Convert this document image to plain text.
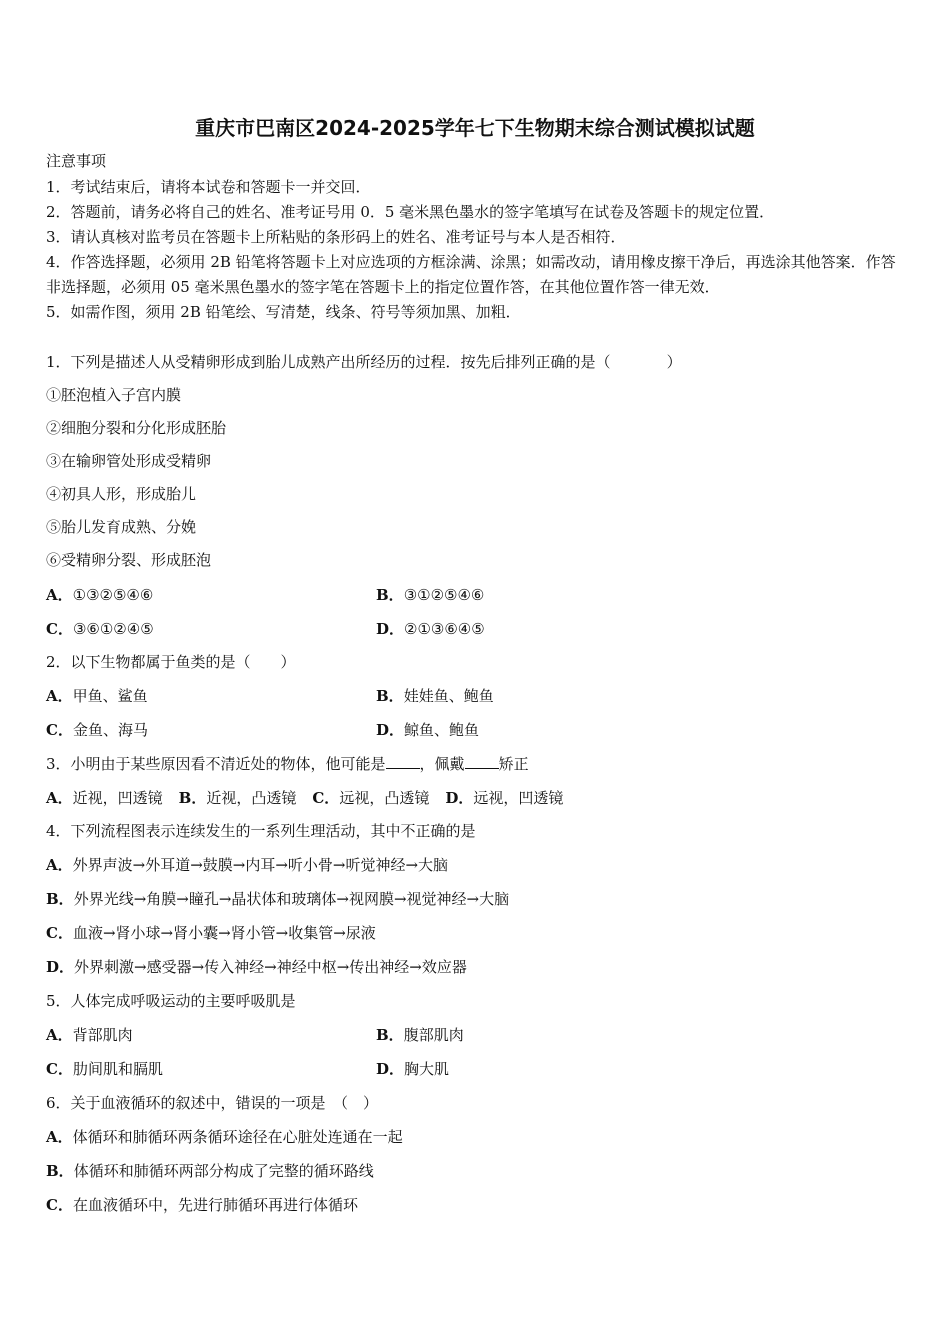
重庆市巴南区2024-2025学年七下生物期末综合测试模拟试题
注意事项

1．考试结束后，请将本试卷和答题卡一并交回．

2．答题前，请务必将自己的姓名、准考证号用 0．5 毫米黑色墨水的签字笔填写在试卷及答题卡的规定位置．

3．请认真核对监考员在答题卡上所粘贴的条形码上的姓名、准考证号与本人是否相符．

4．作答选择题，必须用 2B 铅笔将答题卡上对应选项的方框涂满、涂黑；如需改动，请用橡皮擦干净后，再选涂其他答案．作答非选择题，必须用 05 毫米黑色墨水的签字笔在答题卡上的指定位置作答，在其他位置作答一律无效．

5．如需作图，须用 2B 铅笔绘、写清楚，线条、符号等须加黑、加粗．

1．下列是描述人从受精卵形成到胎儿成熟产出所经历的过程．按先后排列正确的是（	）
①胚泡植入子宫内膜
②细胞分裂和分化形成胚胎
③在输卵管处形成受精卵
④初具人形，形成胎儿
⑤胎儿发育成熟、分娩
⑥受精卵分裂、形成胚泡
A．①③②⑤④⑥	B．③①②⑤④⑥
C．③⑥①②④⑤	D．②①③⑥④⑤
2．以下生物都属于鱼类的是（　　）
A．甲鱼、鲨鱼	B．娃娃鱼、鲍鱼
C．金鱼、海马	D．鲸鱼、鲍鱼
3．小明由于某些原因看不清近处的物体，他可能是 ，佩戴 矫正
A．近视，凹透镜 B．近视，凸透镜 C．远视，凸透镜 D．远视，凹透镜
4．下列流程图表示连续发生的一系列生理活动，其中不正确的是
A．外界声波→外耳道→鼓膜→内耳→听小骨→听觉神经→大脑
B．外界光线→角膜→瞳孔→晶状体和玻璃体→视网膜→视觉神经→大脑
C．血液→肾小球→肾小囊→肾小管→收集管→尿液
D．外界刺激→感受器→传入神经→神经中枢→传出神经→效应器
5．人体完成呼吸运动的主要呼吸肌是
A．背部肌肉	B．腹部肌肉
C．肋间肌和膈肌	D．胸大肌
6．关于血液循环的叙述中，错误的一项是　（　）
A．体循环和肺循环两条循环途径在心脏处连通在一起
B．体循环和肺循环两部分构成了完整的循环路线
C．在血液循环中，先进行肺循环再进行体循环
